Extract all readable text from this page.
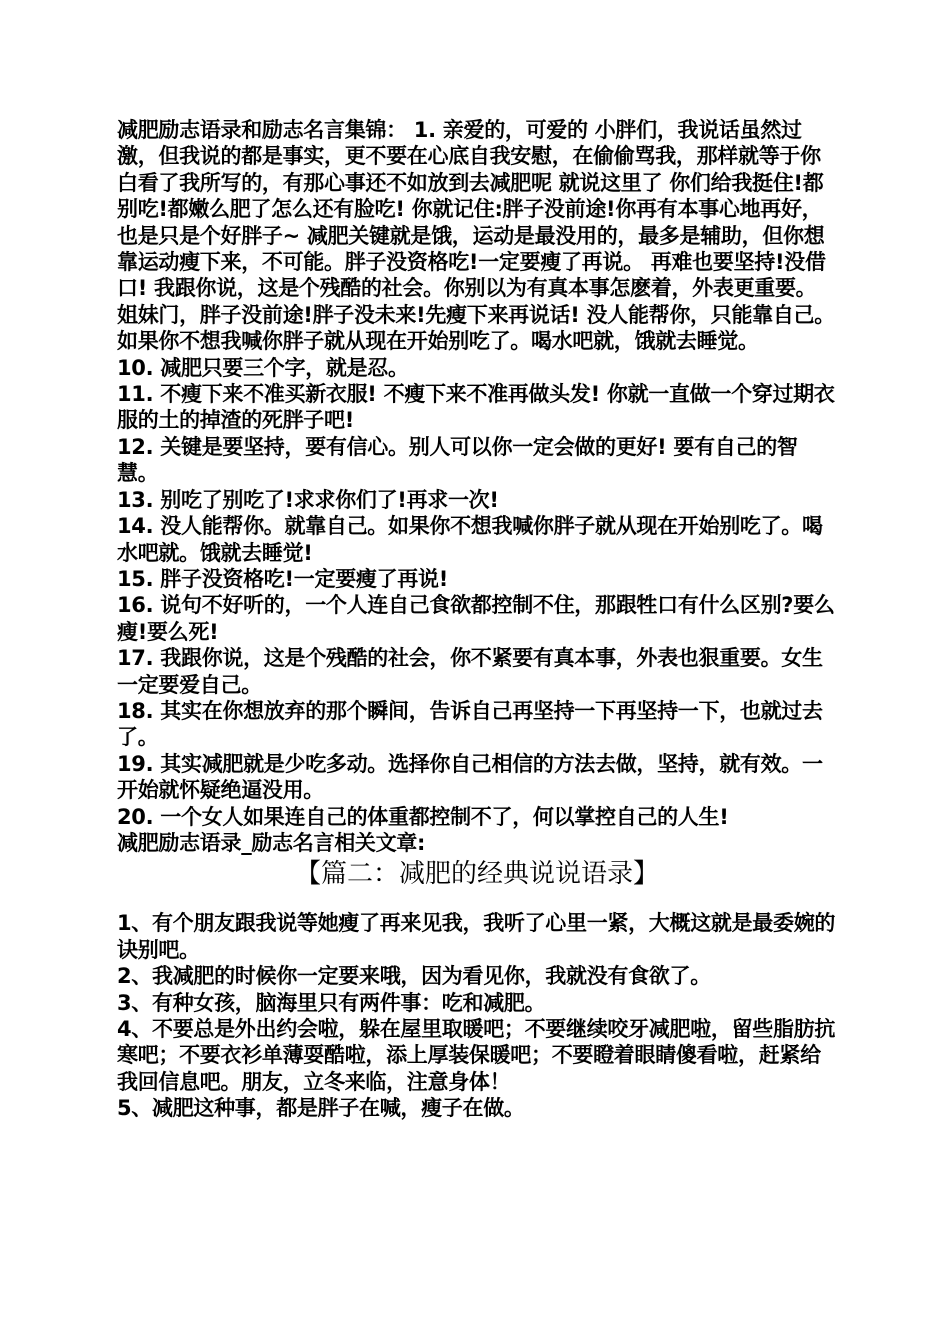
减肥励志语录和励志名言集锦： 1. 亲爱的，可爱的 小胖们，我说话虽然过激，但我说的都是事实，更不要在心底自我安慰，在偷偷骂我，那样就等于你白看了我所写的，有那心事还不如放到去减肥呢 就说这里了 你们给我挺住!都别吃!都嫩么肥了怎么还有脸吃! 你就记住:胖子没前途!你再有本事心地再好，也是只是个好胖子~ 减肥关键就是饿，运动是最没用的，最多是辅助，但你想靠运动瘦下来，不可能。胖子没资格吃!一定要瘦了再说。 再难也要坚持!没借口! 我跟你说，这是个残酷的社会。你别以为有真本事怎麽着，外表更重要。 姐妹门，胖子没前途!胖子没未来!先瘦下来再说话! 没人能帮你，只能靠自己。如果你不想我喊你胖子就从现在开始别吃了。喝水吧就，饿就去睡觉。

10. 减肥只要三个字，就是忍。

11. 不瘦下来不准买新衣服! 不瘦下来不准再做头发! 你就一直做一个穿过期衣服的土的掉渣的死胖子吧!

12. 关键是要坚持，要有信心。别人可以你一定会做的更好! 要有自己的智慧。

13. 别吃了别吃了!求求你们了!再求一次!

14. 没人能帮你。就靠自己。如果你不想我喊你胖子就从现在开始别吃了。喝水吧就。饿就去睡觉!

15. 胖子没资格吃!一定要瘦了再说!

16. 说句不好听的，一个人连自己食欲都控制不住，那跟牲口有什么区别?要么瘦!要么死!

17. 我跟你说，这是个残酷的社会，你不紧要有真本事，外表也狠重要。女生一定要爱自己。

18. 其实在你想放弃的那个瞬间，告诉自己再坚持一下再坚持一下，也就过去了。

19. 其实减肥就是少吃多动。选择你自己相信的方法去做，坚持，就有效。一开始就怀疑绝逼没用。

20. 一个女人如果连自己的体重都控制不了，何以掌控自己的人生!

减肥励志语录_励志名言相关文章:

【篇二：减肥的经典说说语录】

1、有个朋友跟我说等她瘦了再来见我，我听了心里一紧，大概这就是最委婉的诀别吧。

2、我减肥的时候你一定要来哦，因为看见你，我就没有食欲了。

3、有种女孩，脑海里只有两件事：吃和减肥。

4、不要总是外出约会啦，躲在屋里取暖吧；不要继续咬牙减肥啦，留些脂肪抗寒吧；不要衣衫单薄耍酷啦，添上厚装保暖吧；不要瞪着眼睛傻看啦，赶紧给我回信息吧。朋友，立冬来临，注意身体！

5、减肥这种事，都是胖子在喊，瘦子在做。
